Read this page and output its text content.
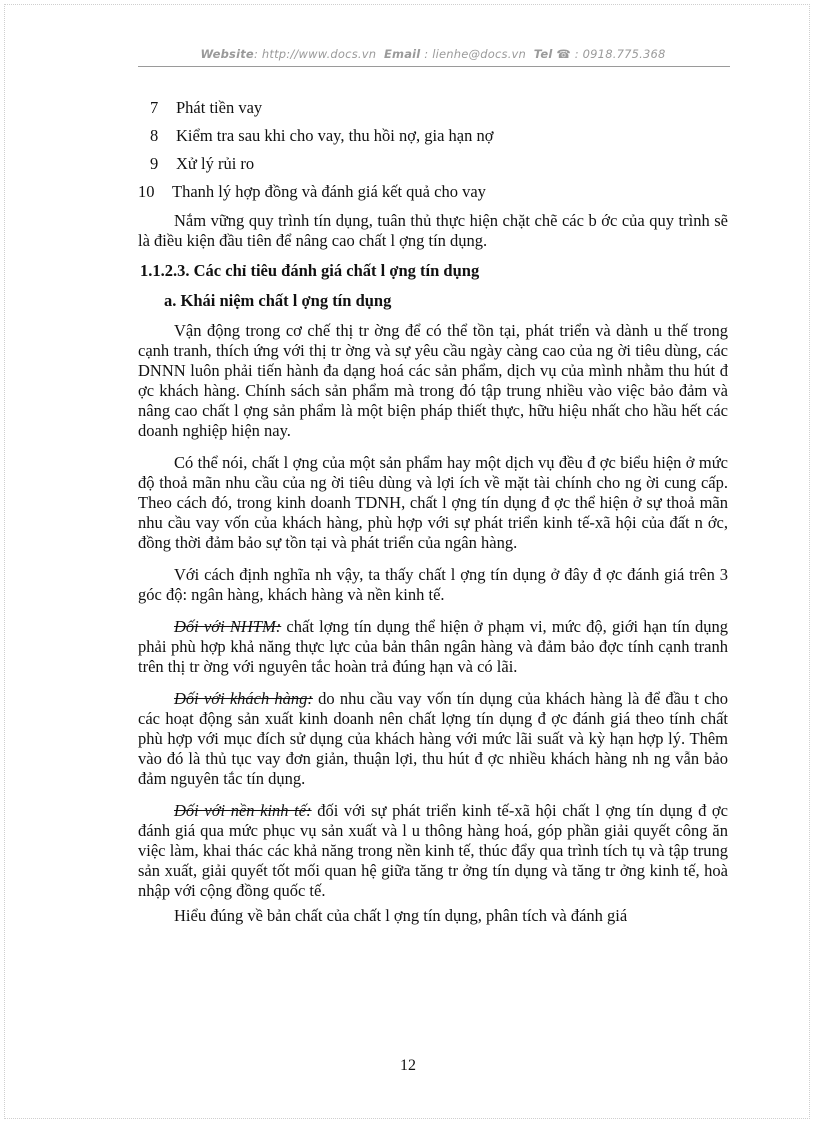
Website: http://www.docs.vn Email : lienhe@docs.vn Tel ☎ : 0918.775.368
7 Phát tiền vay
8 Kiểm tra sau khi cho vay, thu hồi nợ, gia hạn nợ
9 Xử lý rủi ro
10 Thanh lý hợp đồng và đánh giá kết quả cho vay

Nắm vững quy trình tín dụng, tuân thủ thực hiện chặt chẽ các b ớc của quy trình sẽ là điều kiện đầu tiên để nâng cao chất l ợng tín dụng.

1.1.2.3. Các chỉ tiêu đánh giá chất l ợng tín dụng
a. Khái niệm chất l ợng tín dụng

Vận động trong cơ chế thị tr ờng để có thể tồn tại, phát triển và dành u thế trong cạnh tranh, thích ứng với thị tr ờng và sự yêu cầu ngày càng cao của ng ời tiêu dùng, các DNNN luôn phải tiến hành đa dạng hoá các sản phẩm, dịch vụ của mình nhằm thu hút đ ợc khách hàng. Chính sách sản phẩm mà trong đó tập trung nhiều vào việc bảo đảm và nâng cao chất l ợng sản phẩm là một biện pháp thiết thực, hữu hiệu nhất cho hầu hết các doanh nghiệp hiện nay.

Có thể nói, chất l ợng của một sản phẩm hay một dịch vụ đều đ ợc biểu hiện ở mức độ thoả mãn nhu cầu của ng ời tiêu dùng và lợi ích về mặt tài chính cho ng ời cung cấp. Theo cách đó, trong kinh doanh TDNH, chất l ợng tín dụng đ ợc thể hiện ở sự thoả mãn nhu cầu vay vốn của khách hàng, phù hợp với sự phát triển kinh tế-xã hội của đất n ớc, đồng thời đảm bảo sự tồn tại và phát triển của ngân hàng.

Với cách định nghĩa nh vậy, ta thấy chất l ợng tín dụng ở đây đ ợc đánh giá trên 3 góc độ: ngân hàng, khách hàng và nền kinh tế.

Đối với NHTM: chất lợng tín dụng thể hiện ở phạm vi, mức độ, giới hạn tín dụng phải phù hợp khả năng thực lực của bản thân ngân hàng và đảm bảo đợc tính cạnh tranh trên thị tr ờng với nguyên tắc hoàn trả đúng hạn và có lãi.

Đối với khách hàng: do nhu cầu vay vốn tín dụng của khách hàng là để đầu t cho các hoạt động sản xuất kinh doanh nên chất lợng tín dụng đ ợc đánh giá theo tính chất phù hợp với mục đích sử dụng của khách hàng với mức lãi suất và kỳ hạn hợp lý. Thêm vào đó là thủ tục vay đơn giản, thuận lợi, thu hút đ ợc nhiều khách hàng nh ng vẫn bảo đảm nguyên tắc tín dụng.

Đối với nền kinh tế: đối với sự phát triển kinh tế-xã hội chất l ợng tín dụng đ ợc đánh giá qua mức phục vụ sản xuất và l u thông hàng hoá, góp phần giải quyết công ăn việc làm, khai thác các khả năng trong nền kinh tế, thúc đẩy qua trình tích tụ và tập trung sản xuất, giải quyết tốt mối quan hệ giữa tăng tr ởng tín dụng và tăng tr ởng kinh tế, hoà nhập với cộng đồng quốc tế.

Hiểu đúng về bản chất của chất l ợng tín dụng, phân tích và đánh giá

12
